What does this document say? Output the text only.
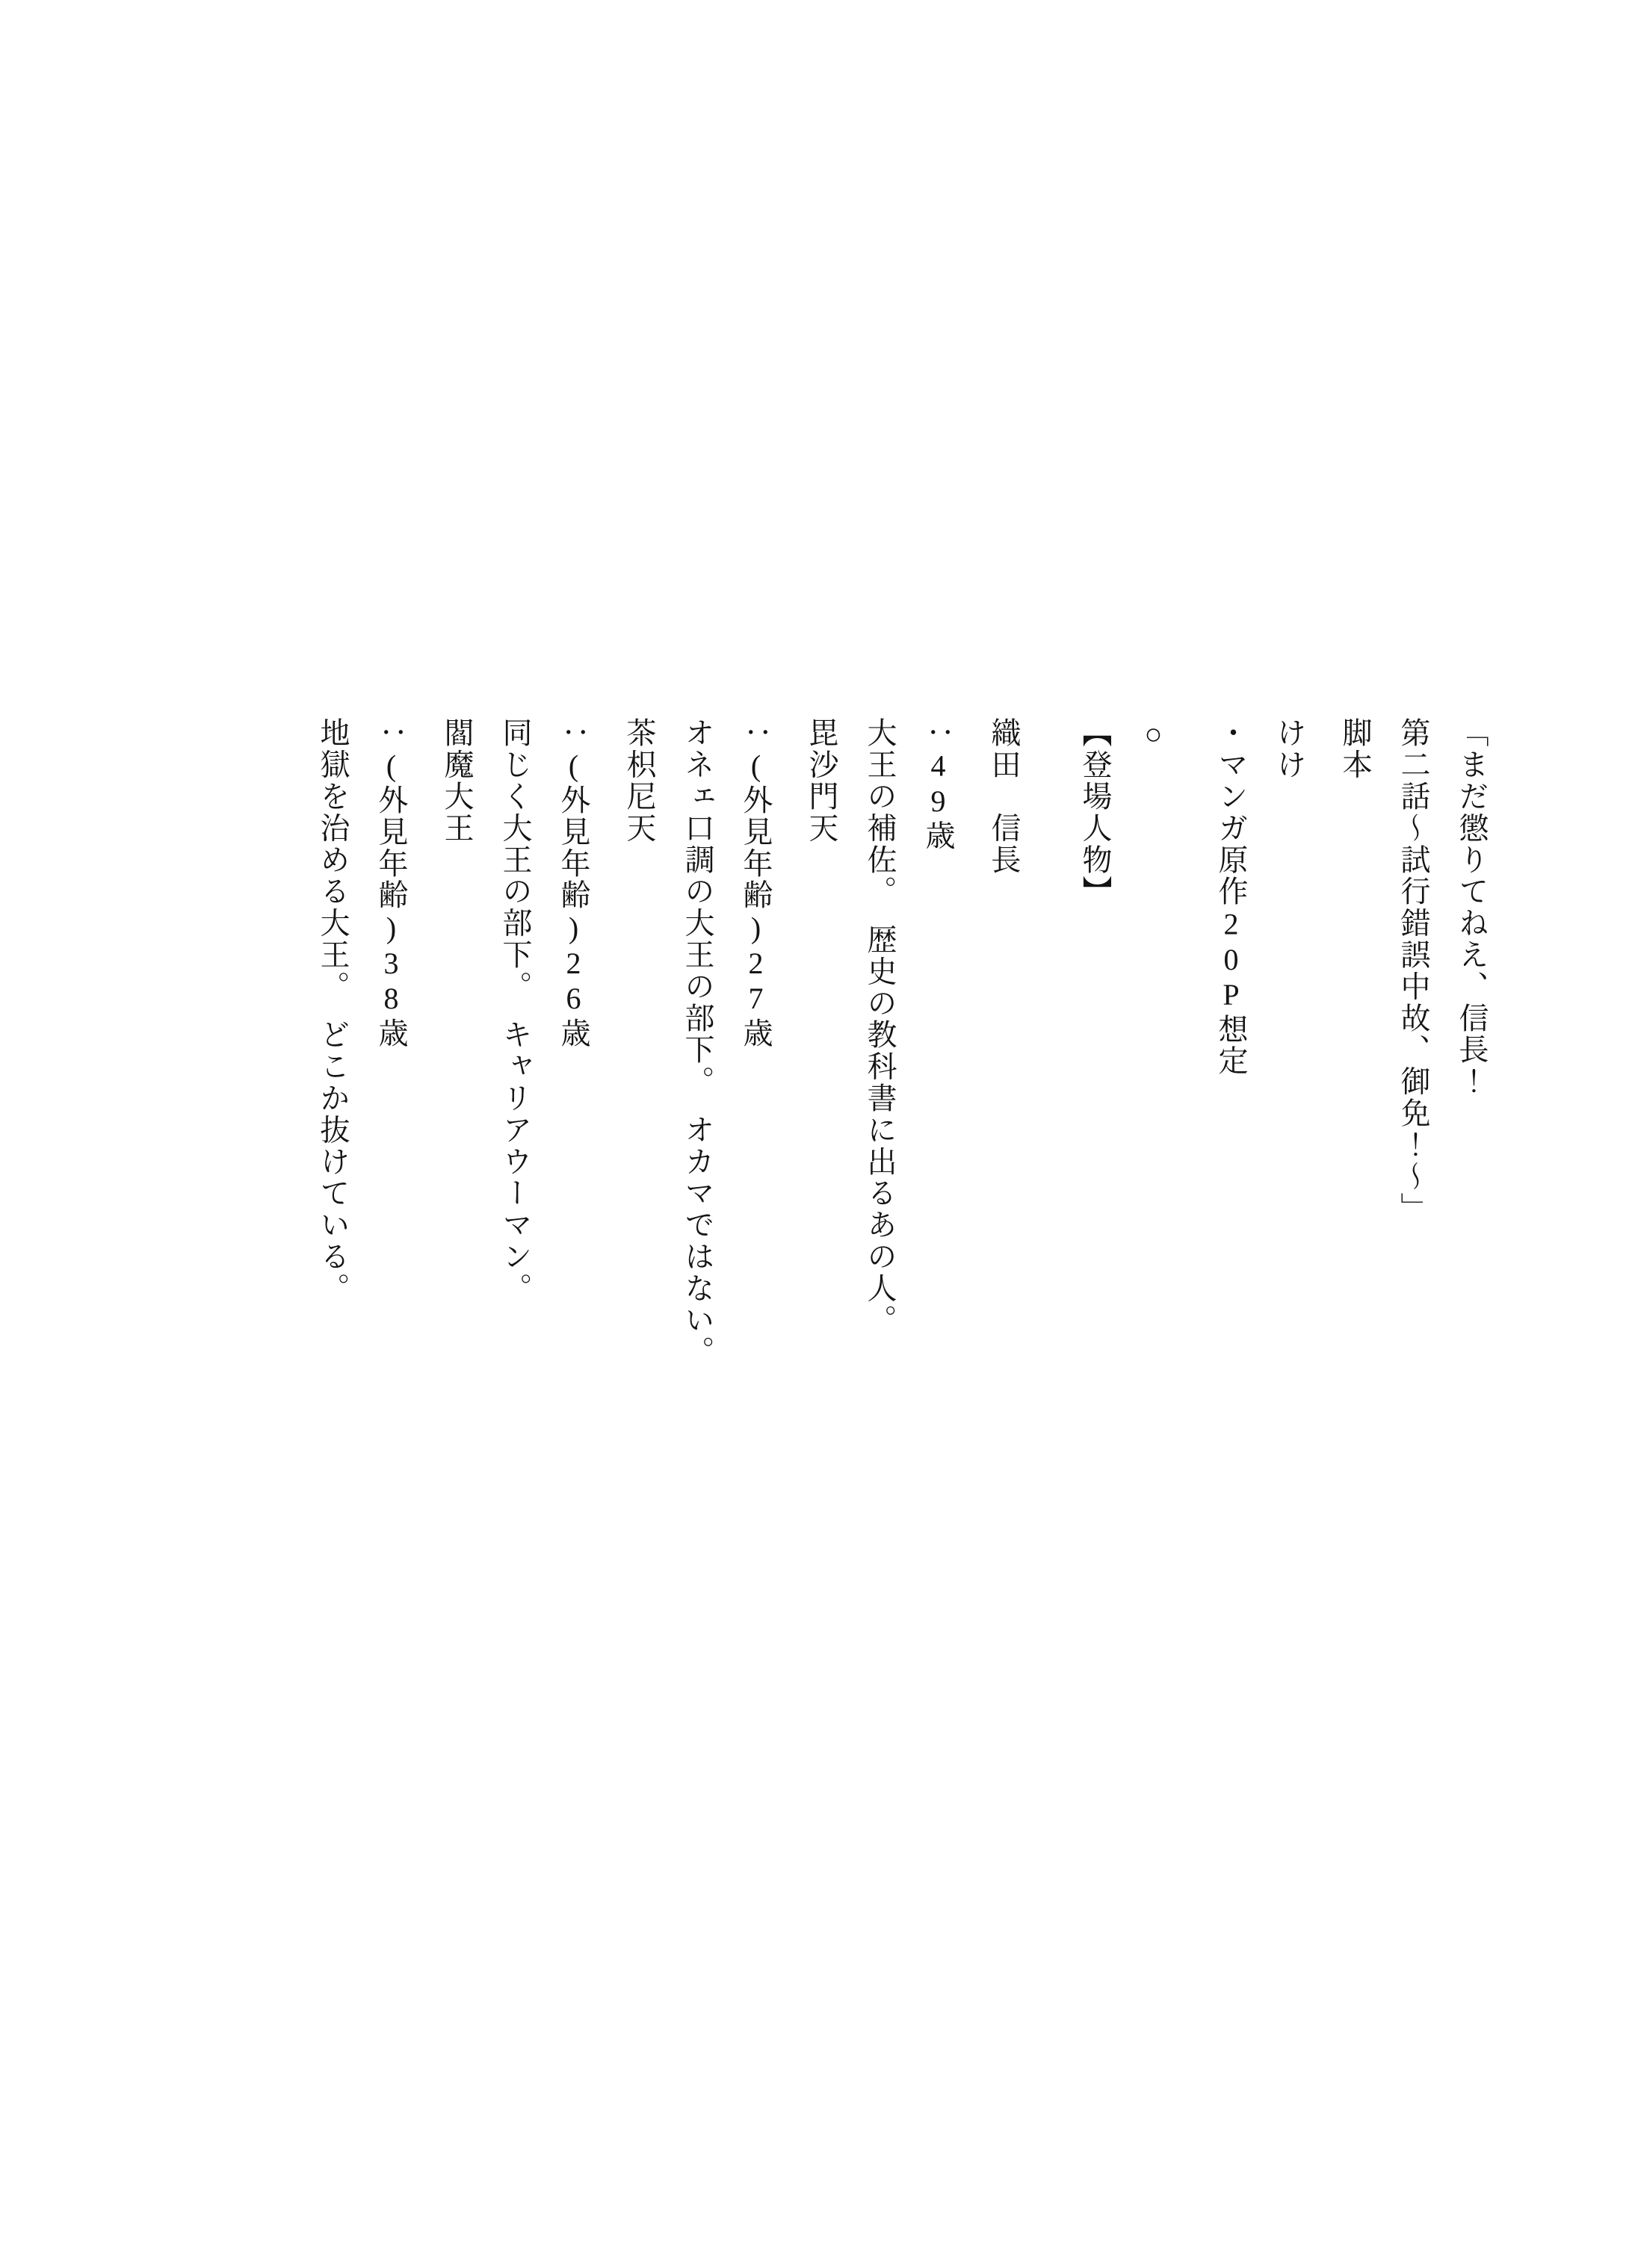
「まだ懲りてねえ、信長！
第二話〜試行錯誤中故、御免！〜」
脚本
けけ
・マンガ原作20P想定
○
【登場人物】
織田　信長
：49歳
大王の補佐。　歴史の教科書に出るあの人。
毘沙門天
：(外見年齢)27歳
オネェ口調の大王の部下。　オカマではない。
茶枳尼天
：(外見年齢)26歳
同じく大王の部下。　キャリアウーマン。
閻魔大王
：(外見年齢)38歳
地獄を治める大王。　どこか抜けている。
